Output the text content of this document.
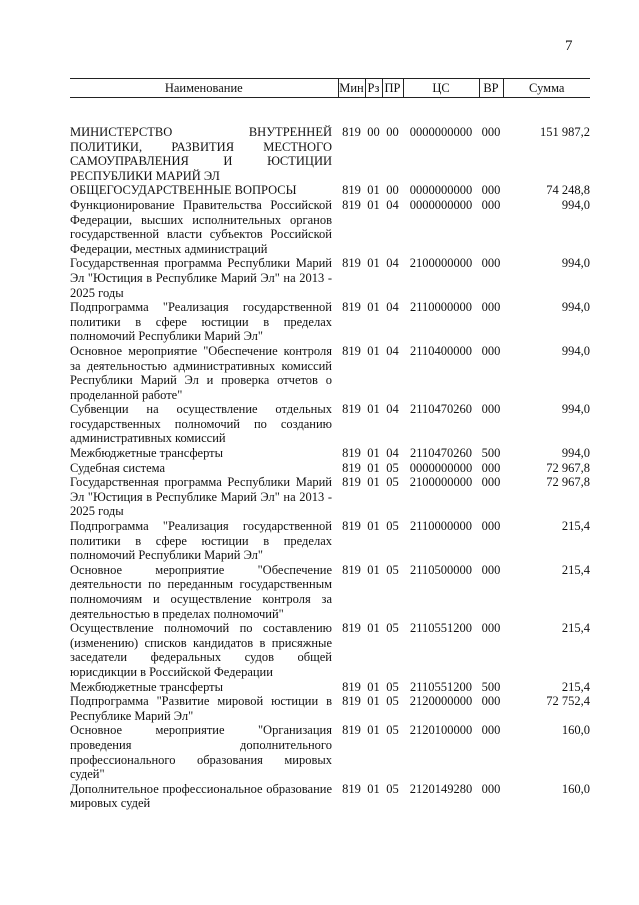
7
Наименование	Мин	Рз	ПР	ЦС	ВР	Сумма
МИНИСТЕРСТВО ВНУТРЕННЕЙ ПОЛИТИКИ, РАЗВИТИЯ МЕСТНОГО САМОУПРАВЛЕНИЯ И ЮСТИЦИИ РЕСПУБЛИКИ МАРИЙ ЭЛ	819	00	00	0000000000	000	151 987,2
ОБЩЕГОСУДАРСТВЕННЫЕ ВОПРОСЫ	819	01	00	0000000000	000	74 248,8
Функционирование Правительства Российской Федерации, высших исполнительных органов государственной власти субъектов Российской Федерации, местных администраций	819	01	04	0000000000	000	994,0
Государственная программа Республики Марий Эл "Юстиция в Республике Марий Эл" на 2013 - 2025 годы	819	01	04	2100000000	000	994,0
Подпрограмма "Реализация государственной политики в сфере юстиции в пределах полномочий Республики Марий Эл"	819	01	04	2110000000	000	994,0
Основное мероприятие "Обеспечение контроля за деятельностью административных комиссий Республики Марий Эл и проверка отчетов о проделанной работе"	819	01	04	2110400000	000	994,0
Субвенции на осуществление отдельных государственных полномочий по созданию административных комиссий	819	01	04	2110470260	000	994,0
Межбюджетные трансферты	819	01	04	2110470260	500	994,0
Судебная система	819	01	05	0000000000	000	72 967,8
Государственная программа Республики Марий Эл "Юстиция в Республике Марий Эл" на 2013 - 2025 годы	819	01	05	2100000000	000	72 967,8
Подпрограмма "Реализация государственной политики в сфере юстиции в пределах полномочий Республики Марий Эл"	819	01	05	2110000000	000	215,4
Основное мероприятие "Обеспечение деятельности по переданным государственным полномочиям и осуществление контроля за деятельностью в пределах полномочий"	819	01	05	2110500000	000	215,4
Осуществление полномочий по составлению (изменению) списков кандидатов в присяжные заседатели федеральных судов общей юрисдикции в Российской Федерации	819	01	05	2110551200	000	215,4
Межбюджетные трансферты	819	01	05	2110551200	500	215,4
Подпрограмма "Развитие мировой юстиции в Республике Марий Эл"	819	01	05	2120000000	000	72 752,4
Основное мероприятие "Организация проведения дополнительного профессионального образования мировых судей"	819	01	05	2120100000	000	160,0
Дополнительное профессиональное образование мировых судей	819	01	05	2120149280	000	160,0
